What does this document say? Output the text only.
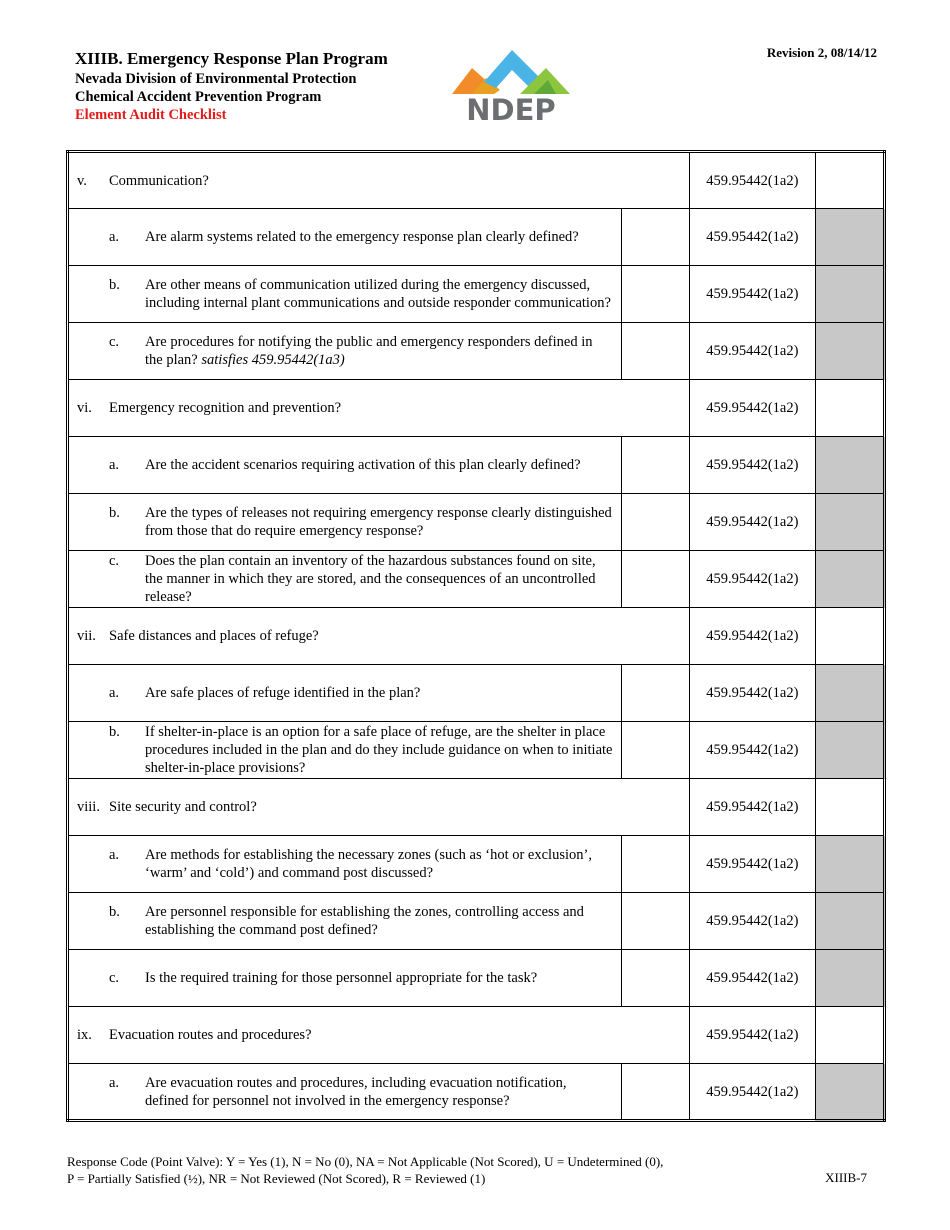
XIIIB. Emergency Response Plan Program
Nevada Division of Environmental Protection
Chemical Accident Prevention Program
Element Audit Checklist	NDEP
Revision 2, 08/14/12
v. Communication?		459.95442(1a2)	

a. Are alarm systems related to the emergency response plan clearly defined?		459.95442(1a2)	

b. Are other means of communication utilized during the emergency discussed, including internal plant communications and outside responder communication?		459.95442(1a2)	

c. Are procedures for notifying the public and emergency responders defined in the plan? satisfies 459.95442(1a3)		459.95442(1a2)	

vi. Emergency recognition and prevention?		459.95442(1a2)	

a. Are the accident scenarios requiring activation of this plan clearly defined?		459.95442(1a2)	

b. Are the types of releases not requiring emergency response clearly distinguished from those that do require emergency response?		459.95442(1a2)	

c. Does the plan contain an inventory of the hazardous substances found on site, the manner in which they are stored, and the consequences of an uncontrolled release?		459.95442(1a2)	

vii. Safe distances and places of refuge?		459.95442(1a2)	

a. Are safe places of refuge identified in the plan?		459.95442(1a2)	

b. If shelter-in-place is an option for a safe place of refuge, are the shelter in place procedures included in the plan and do they include guidance on when to initiate shelter-in-place provisions?		459.95442(1a2)	

viii. Site security and control?		459.95442(1a2)	

a. Are methods for establishing the necessary zones (such as ‘hot or exclusion’, ‘warm’ and ‘cold’) and command post discussed?		459.95442(1a2)	

b. Are personnel responsible for establishing the zones, controlling access and establishing the command post defined?		459.95442(1a2)	

c. Is the required training for those personnel appropriate for the task?		459.95442(1a2)	

ix. Evacuation routes and procedures?		459.95442(1a2)	

a. Are evacuation routes and procedures, including evacuation notification, defined for personnel not involved in the emergency response?		459.95442(1a2)	
Response Code (Point Valve): Y = Yes (1), N = No (0), NA = Not Applicable (Not Scored), U = Undetermined (0),
P = Partially Satisfied (½), NR = Not Reviewed (Not Scored), R = Reviewed (1)	XIIIB-7
